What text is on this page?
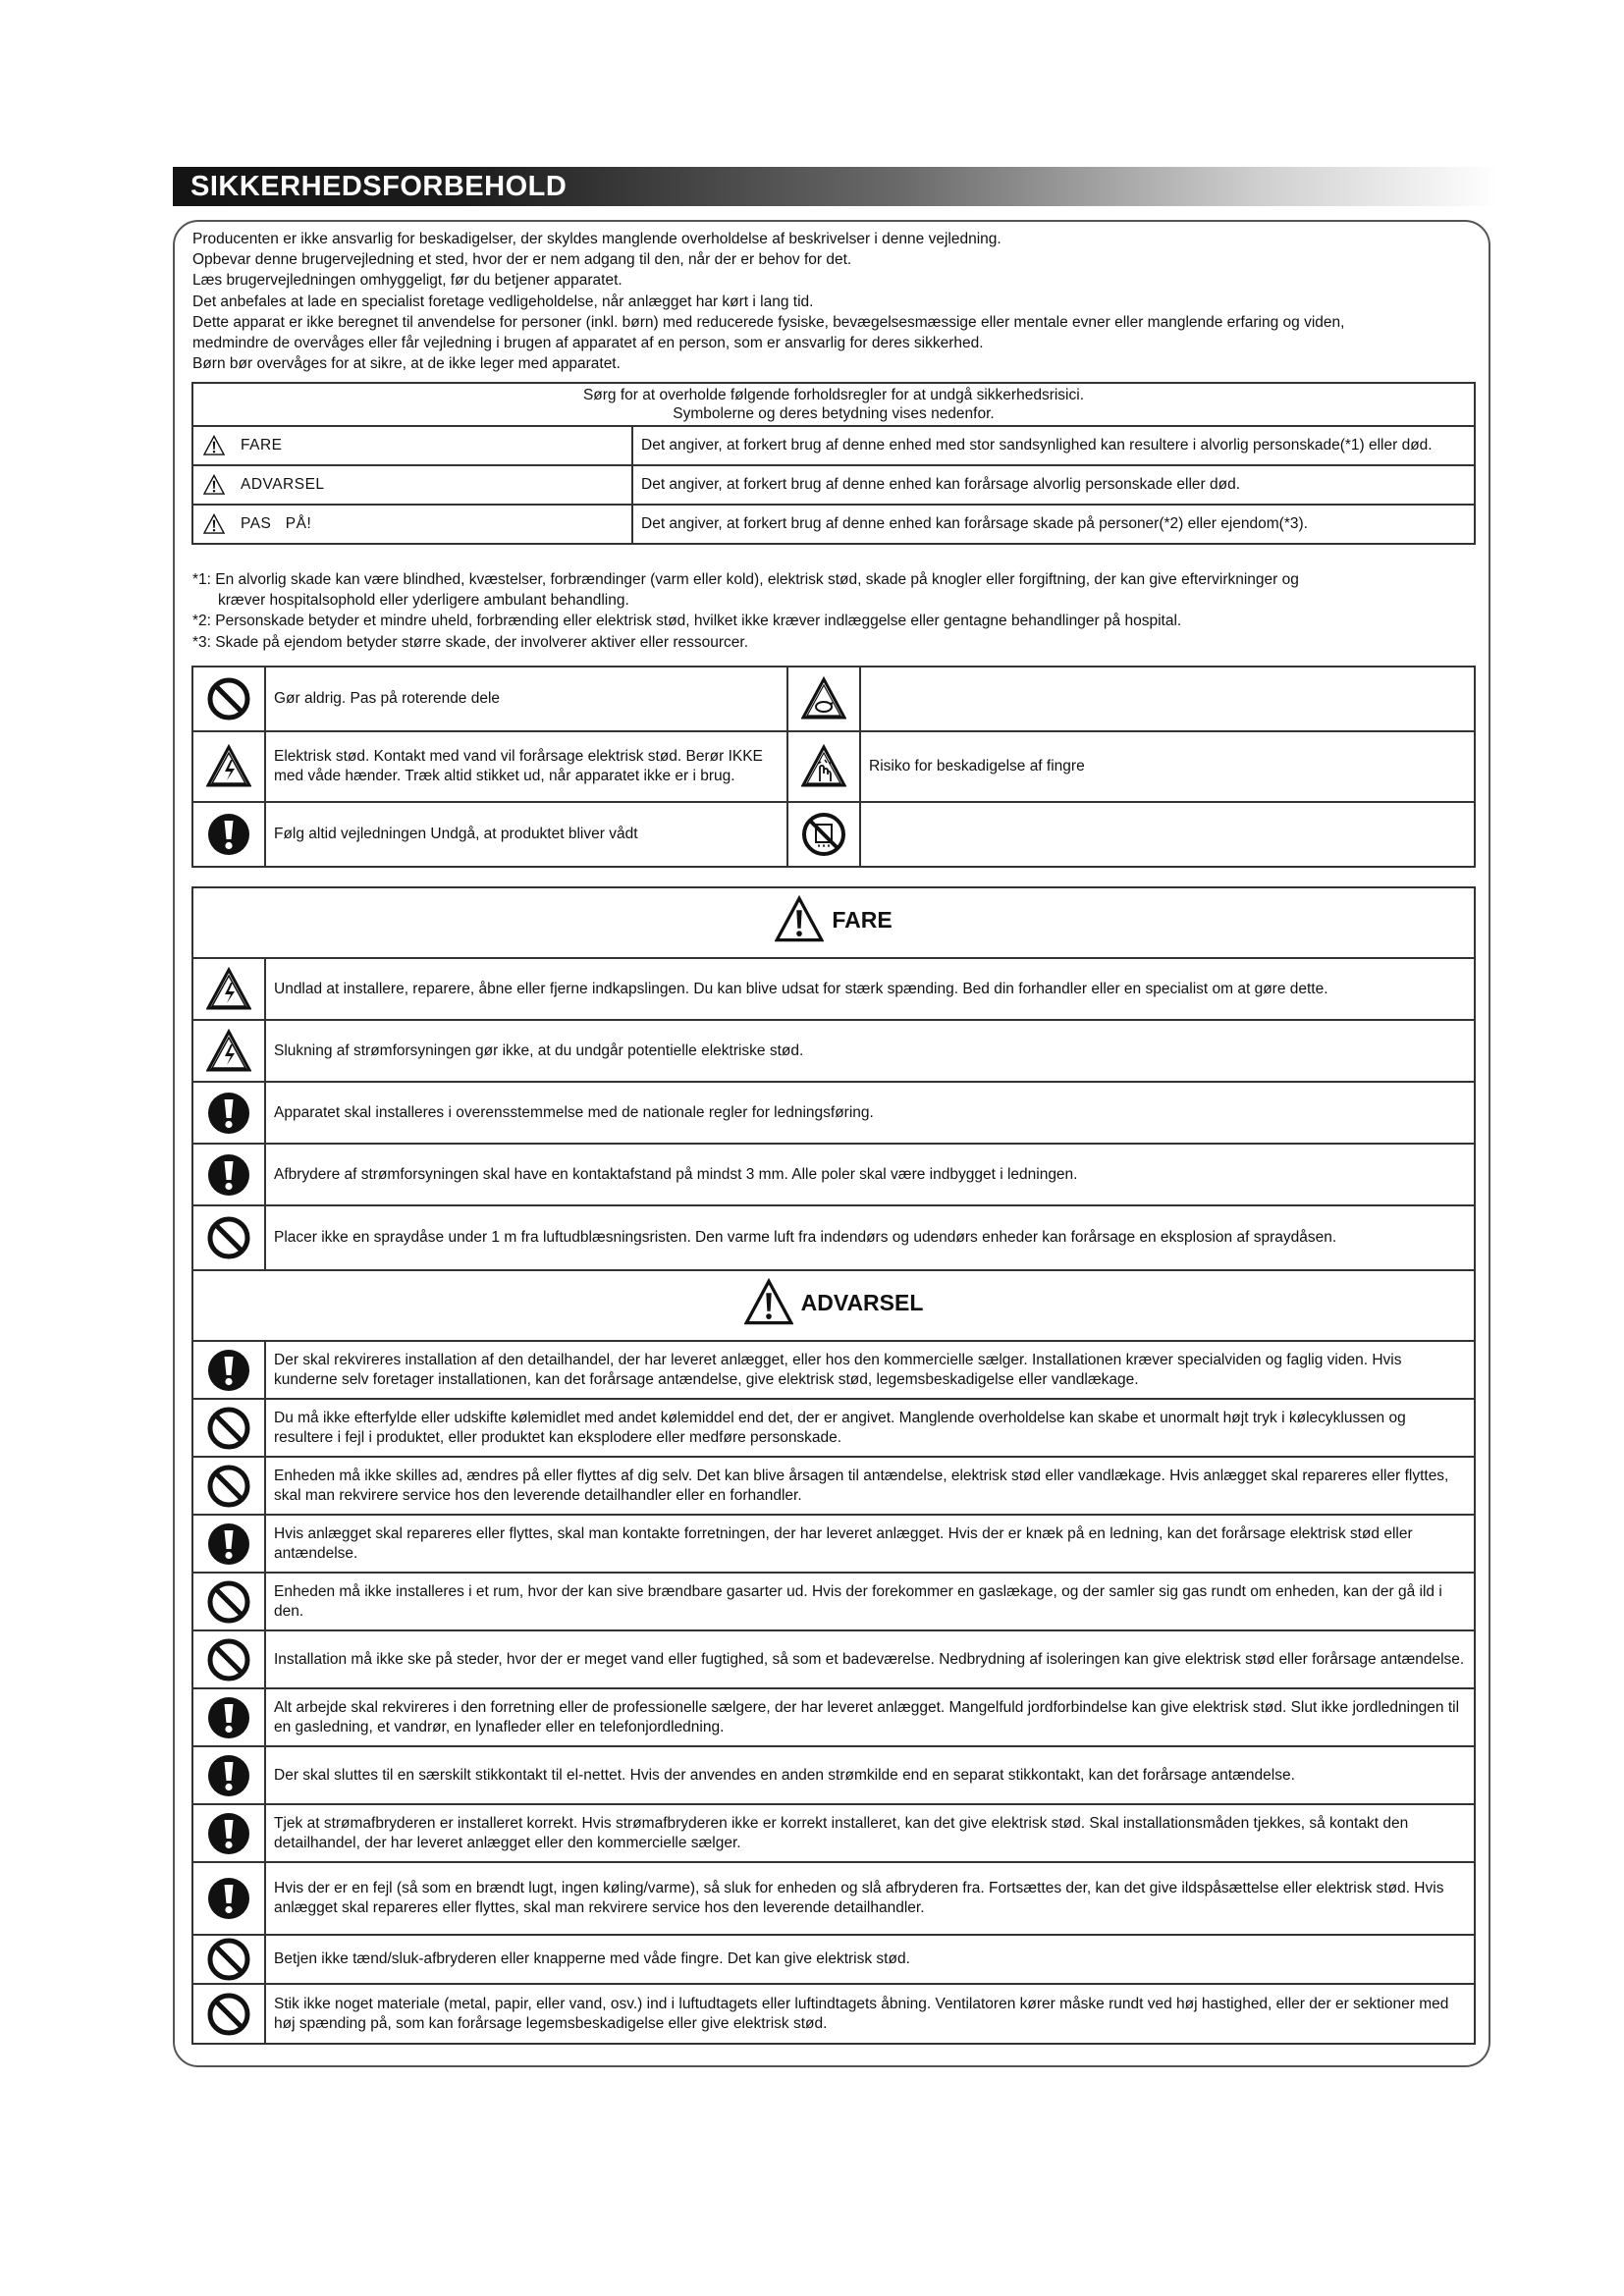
SIKKERHEDSFORBEHOLD

Producenten er ikke ansvarlig for beskadigelser, der skyldes manglende overholdelse af beskrivelser i denne vejledning.

Opbevar denne brugervejledning et sted, hvor der er nem adgang til den, når der er behov for det.

Læs brugervejledningen omhyggeligt, før du betjener apparatet.

Det anbefales at lade en specialist foretage vedligeholdelse, når anlægget har kørt i lang tid.

Dette apparat er ikke beregnet til anvendelse for personer (inkl. børn) med reducerede fysiske, bevægelsesmæssige eller mentale evner eller manglende erfaring og viden,

medmindre de overvåges eller får vejledning i brugen af apparatet af en person, som er ansvarlig for deres sikkerhed.

Børn bør overvåges for at sikre, at de ikke leger med apparatet.

Sørg for at overholde følgende forholdsregler for at undgå sikkerhedsrisici.
Symbolerne og deres betydning vises nedenfor.	

FARE	Det angiver, at forkert brug af denne enhed med stor sandsynlighed kan resultere i alvorlig personskade(*1) eller død.

ADVARSEL	Det angiver, at forkert brug af denne enhed kan forårsage alvorlig personskade eller død.

PAS   PÅ!	Det angiver, at forkert brug af denne enhed kan forårsage skade på personer(*2) eller ejendom(*3).

*1: En alvorlig skade kan være blindhed, kvæstelser, forbrændinger (varm eller kold), elektrisk stød, skade på knogler eller forgiftning, der kan give eftervirkninger og

kræver hospitalsophold eller yderligere ambulant behandling.

*2: Personskade betyder et mindre uheld, forbrænding eller elektrisk stød, hvilket ikke kræver indlæggelse eller gentagne behandlinger på hospital.

*3: Skade på ejendom betyder større skade, der involverer aktiver eller ressourcer.

	Gør aldrig. Pas på roterende dele		
	Elektrisk stød. Kontakt med vand vil forårsage elektrisk stød. Berør IKKE med våde hænder. Træk altid stikket ud, når apparatet ikke er i brug.		Risiko for beskadigelse af fingre
	Følg altid vejledningen Undgå, at produktet bliver vådt		
FARE	

	Undlad at installere, reparere, åbne eller fjerne indkapslingen. Du kan blive udsat for stærk spænding. Bed din forhandler eller en specialist om at gøre dette.
	Slukning af strømforsyningen gør ikke, at du undgår potentielle elektriske stød.
	Apparatet skal installeres i overensstemmelse med de nationale regler for ledningsføring.
	Afbrydere af strømforsyningen skal have en kontaktafstand på mindst 3 mm. Alle poler skal være indbygget i ledningen.
	Placer ikke en spraydåse under 1 m fra luftudblæsningsristen. Den varme luft fra indendørs og udendørs enheder kan forårsage en eksplosion af spraydåsen.

ADVARSEL	

	Der skal rekvireres installation af den detailhandel, der har leveret anlægget, eller hos den kommercielle sælger. Installationen kræver specialviden og faglig viden. Hvis kunderne selv foretager installationen, kan det forårsage antændelse, give elektrisk stød, legemsbeskadigelse eller vandlækage.
	Du må ikke efterfylde eller udskifte kølemidlet med andet kølemiddel end det, der er angivet. Manglende overholdelse kan skabe et unormalt højt tryk i kølecyklussen og resultere i fejl i produktet, eller produktet kan eksplodere eller medføre personskade.
	Enheden må ikke skilles ad, ændres på eller flyttes af dig selv. Det kan blive årsagen til antændelse, elektrisk stød eller vandlækage. Hvis anlægget skal repareres eller flyttes, skal man rekvirere service hos den leverende detailhandler eller en forhandler.
	Hvis anlægget skal repareres eller flyttes, skal man kontakte forretningen, der har leveret anlægget. Hvis der er knæk på en ledning, kan det forårsage elektrisk stød eller antændelse.
	Enheden må ikke installeres i et rum, hvor der kan sive brændbare gasarter ud. Hvis der forekommer en gaslækage, og der samler sig gas rundt om enheden, kan der gå ild i den.
	Installation må ikke ske på steder, hvor der er meget vand eller fugtighed, så som et badeværelse. Nedbrydning af isoleringen kan give elektrisk stød eller forårsage antændelse.
	Alt arbejde skal rekvireres i den forretning eller de professionelle sælgere, der har leveret anlægget. Mangelfuld jordforbindelse kan give elektrisk stød. Slut ikke jordledningen til en gasledning, et vandrør, en lynafleder eller en telefonjordledning.
	Der skal sluttes til en særskilt stikkontakt til el-nettet. Hvis der anvendes en anden strømkilde end en separat stikkontakt, kan det forårsage antændelse.
	Tjek at strømafbryderen er installeret korrekt. Hvis strømafbryderen ikke er korrekt installeret, kan det give elektrisk stød. Skal installationsmåden tjekkes, så kontakt den detailhandel, der har leveret anlægget eller den kommercielle sælger.
	Hvis der er en fejl (så som en brændt lugt, ingen køling/varme), så sluk for enheden og slå afbryderen fra. Fortsættes der, kan det give ildspåsættelse eller elektrisk stød. Hvis anlægget skal repareres eller flyttes, skal man rekvirere service hos den leverende detailhandler.
	Betjen ikke tænd/sluk-afbryderen eller knapperne med våde fingre. Det kan give elektrisk stød.
	Stik ikke noget materiale (metal, papir, eller vand, osv.) ind i luftudtagets eller luftindtagets åbning. Ventilatoren kører måske rundt ved høj hastighed, eller der er sektioner med høj spænding på, som kan forårsage legemsbeskadigelse eller give elektrisk stød.
